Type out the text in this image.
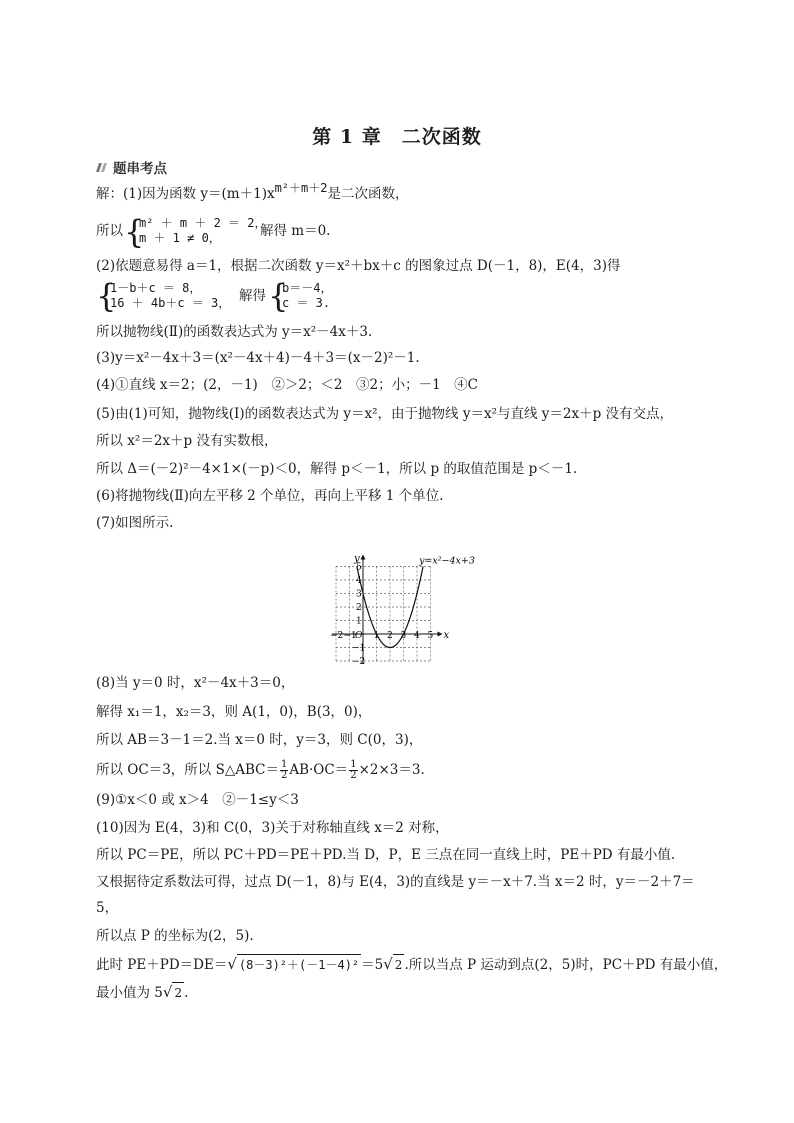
第 1 章　二次函数
题串考点
解：(1)因为函数 $y=(m+1)x^{m^2+m+2}$是二次函数，
所以 {
m² ＋ m ＋ 2 ＝ 2，
m ＋ 1 ≠ 0，	解得 m＝0.
(2)依题意易得 a＝1，根据二次函数 y＝x²＋bx＋c 的图象过点 D(－1，8)，E(4，3)得
{
1－b＋c ＝ 8，
16 ＋ 4b＋c ＝ 3， 解得 {
b＝－4，
c ＝ 3.
所以抛物线(Ⅱ)的函数表达式为 y＝x²－4x＋3.
(3)y＝x²－4x＋3＝(x²－4x＋4)－4＋3＝(x－2)²－1.
(4)①直线 x＝2；(2，－1)　②＞2；＜2　③2；小；－1　④C
(5)由(1)可知，抛物线(Ⅰ)的函数表达式为 y＝x²，由于抛物线 y＝x²与直线 y＝2x＋p 没有交点，
所以 x²＝2x＋p 没有实数根，
所以 Δ＝(－2)²－4×1×(－p)＜0，解得 p＜－1，所以 p 的取值范围是 p＜－1.
(6)将抛物线(Ⅱ)向左平移 2 个单位，再向上平移 1 个单位.
(7)如图所示.
x
y
O
−2 −1 1 2 3 4 5
5
4
3
2
1
−1
−2
y=x²−4x+3
(8)当 y＝0 时，x²－4x＋3＝0，
解得 x₁＝1，x₂＝3，则 A(1，0)，B(3，0)，
所以 AB＝3－1＝2.当 x＝0 时，y＝3，则 C(0，3)，
所以 OC＝3，所以 S△ABC＝ $\frac{1}{2} AB\cdot OC= \frac{1}{2} \times 2\times 3=3$.
(9)①x＜0 或 x＞4　②－1≤y＜3
(10)因为 E(4，3)和 C(0，3)关于对称轴直线 x＝2 对称，
所以 PC＝PE，所以 PC＋PD＝PE＋PD.当 D，P，E 三点在同一直线上时，PE＋PD 有最小值.
又根据待定系数法可得，过点 D(－1，8)与 E(4，3)的直线是 y＝－x＋7.当 x＝2 时，y＝－2＋7＝
5，
所以点 P 的坐标为(2，5).
此时 PE＋PD＝DE＝√ (8－3)²＋(－1－4)² ＝5√ 2 .所以当点 P 运动到点(2，5)时，PC＋PD 有最小值，
最小值为 5√ 2 .
